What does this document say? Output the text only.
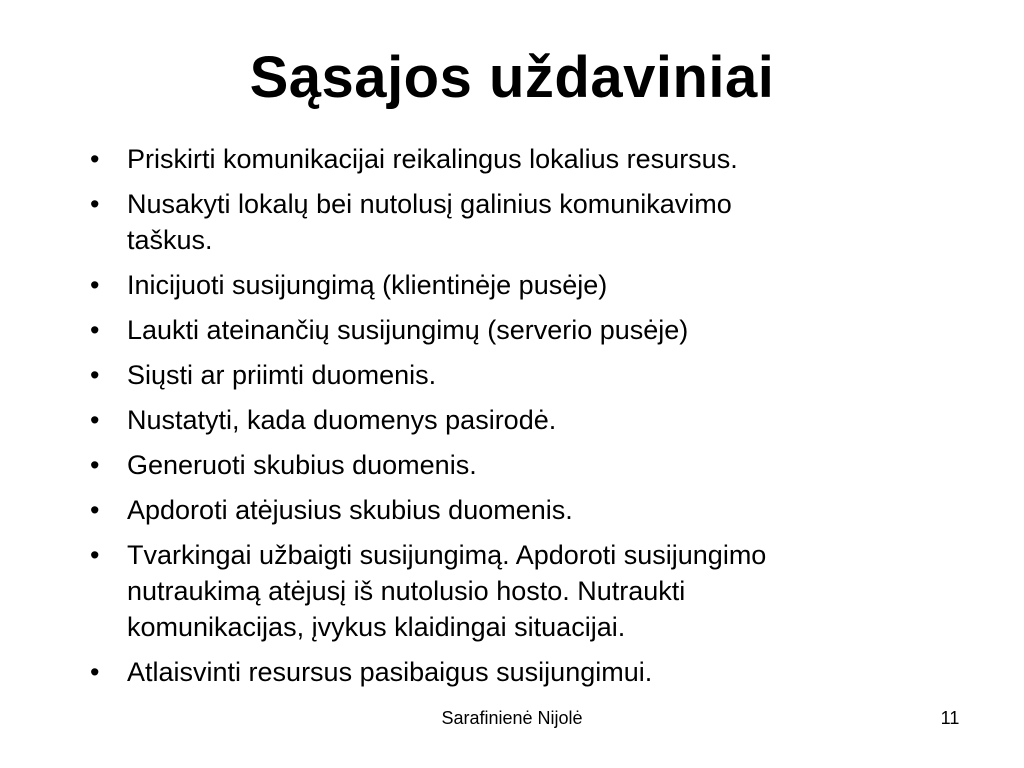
Sąsajos uždaviniai
•	Priskirti komunikacijai reikalingus lokalius resursus.
•	Nusakyti lokalų bei nutolusį galinius komunikavimo
taškus.
•	Inicijuoti susijungimą (klientinėje pusėje)
•	Laukti ateinančių susijungimų (serverio pusėje)
•	Siųsti ar priimti duomenis.
•	Nustatyti, kada duomenys pasirodė.
•	Generuoti skubius duomenis.
•	Apdoroti atėjusius skubius duomenis.
•	Tvarkingai užbaigti susijungimą. Apdoroti susijungimo
nutraukimą atėjusį iš nutolusio hosto. Nutraukti
komunikacijas, įvykus klaidingai situacijai.
•	Atlaisvinti resursus pasibaigus susijungimui.
Sarafinienė Nijolė	11
